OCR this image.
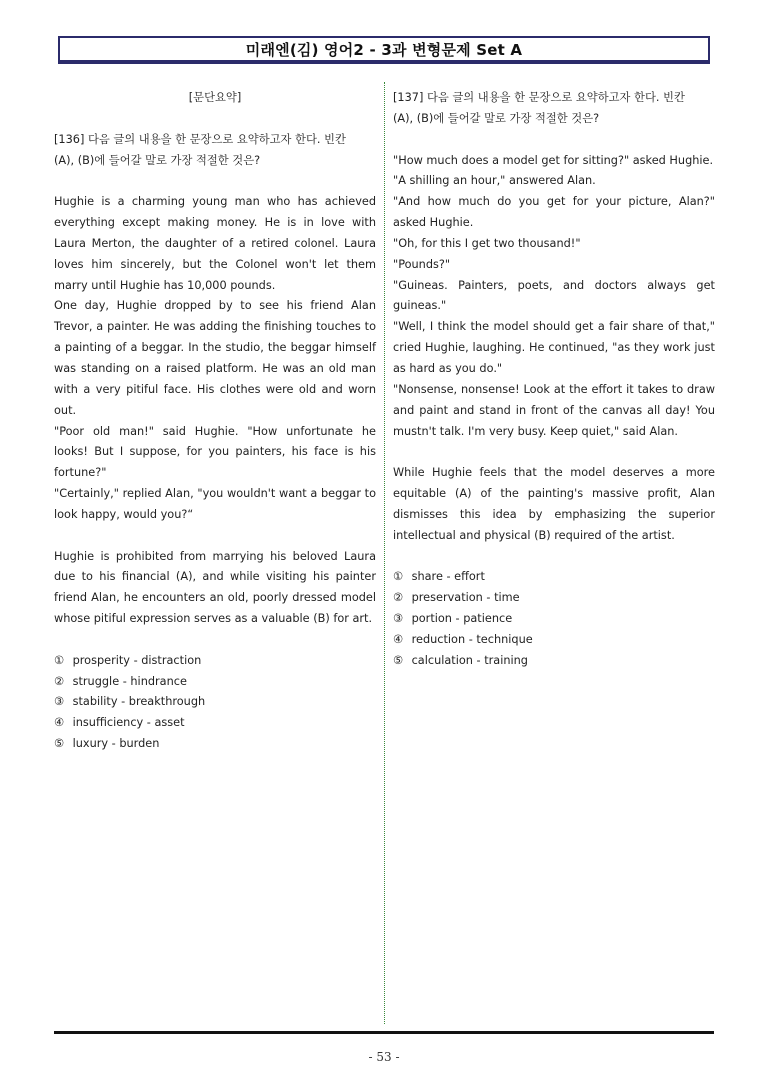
미래엔(김) 영어2 - 3과 변형문제 Set A

[문단요약]

[136] 다음 글의 내용을 한 문장으로 요약하고자 한다. 빈칸

(A), (B)에 들어갈 말로 가장 적절한 것은?

Hughie is a charming young man who has achieved everything except making money. He is in love with Laura Merton, the daughter of a retired colonel. Laura loves him sincerely, but the Colonel won't let them marry until Hughie has 10,000 pounds.

One day, Hughie dropped by to see his friend Alan Trevor, a painter. He was adding the finishing touches to a painting of a beggar. In the studio, the beggar himself was standing on a raised platform. He was an old man with a very pitiful face. His clothes were old and worn out.

"Poor old man!" said Hughie. "How unfortunate he looks! But I suppose, for you painters, his face is his fortune?"

"Certainly," replied Alan, "you wouldn't want a beggar to look happy, would you?“

Hughie is prohibited from marrying his beloved Laura due to his financial (A), and while visiting his painter friend Alan, he encounters an old, poorly dressed model whose pitiful expression serves as a valuable (B) for art.

① prosperity - distraction

② struggle - hindrance

③ stability - breakthrough

④ insufficiency - asset

⑤ luxury - burden

[137] 다음 글의 내용을 한 문장으로 요약하고자 한다. 빈칸

(A), (B)에 들어갈 말로 가장 적절한 것은?

"How much does a model get for sitting?" asked Hughie.

"A shilling an hour," answered Alan.

"And how much do you get for your picture, Alan?" asked Hughie.

"Oh, for this I get two thousand!"

"Pounds?"

"Guineas. Painters, poets, and doctors always get guineas."

"Well, I think the model should get a fair share of that," cried Hughie, laughing. He continued, "as they work just as hard as you do."

"Nonsense, nonsense! Look at the effort it takes to draw and paint and stand in front of the canvas all day! You mustn't talk. I'm very busy. Keep quiet," said Alan.

While Hughie feels that the model deserves a more equitable (A) of the painting's massive profit, Alan dismisses this idea by emphasizing the superior intellectual and physical (B) required of the artist.

① share - effort

② preservation - time

③ portion - patience

④ reduction - technique

⑤ calculation - training

- 53 -
